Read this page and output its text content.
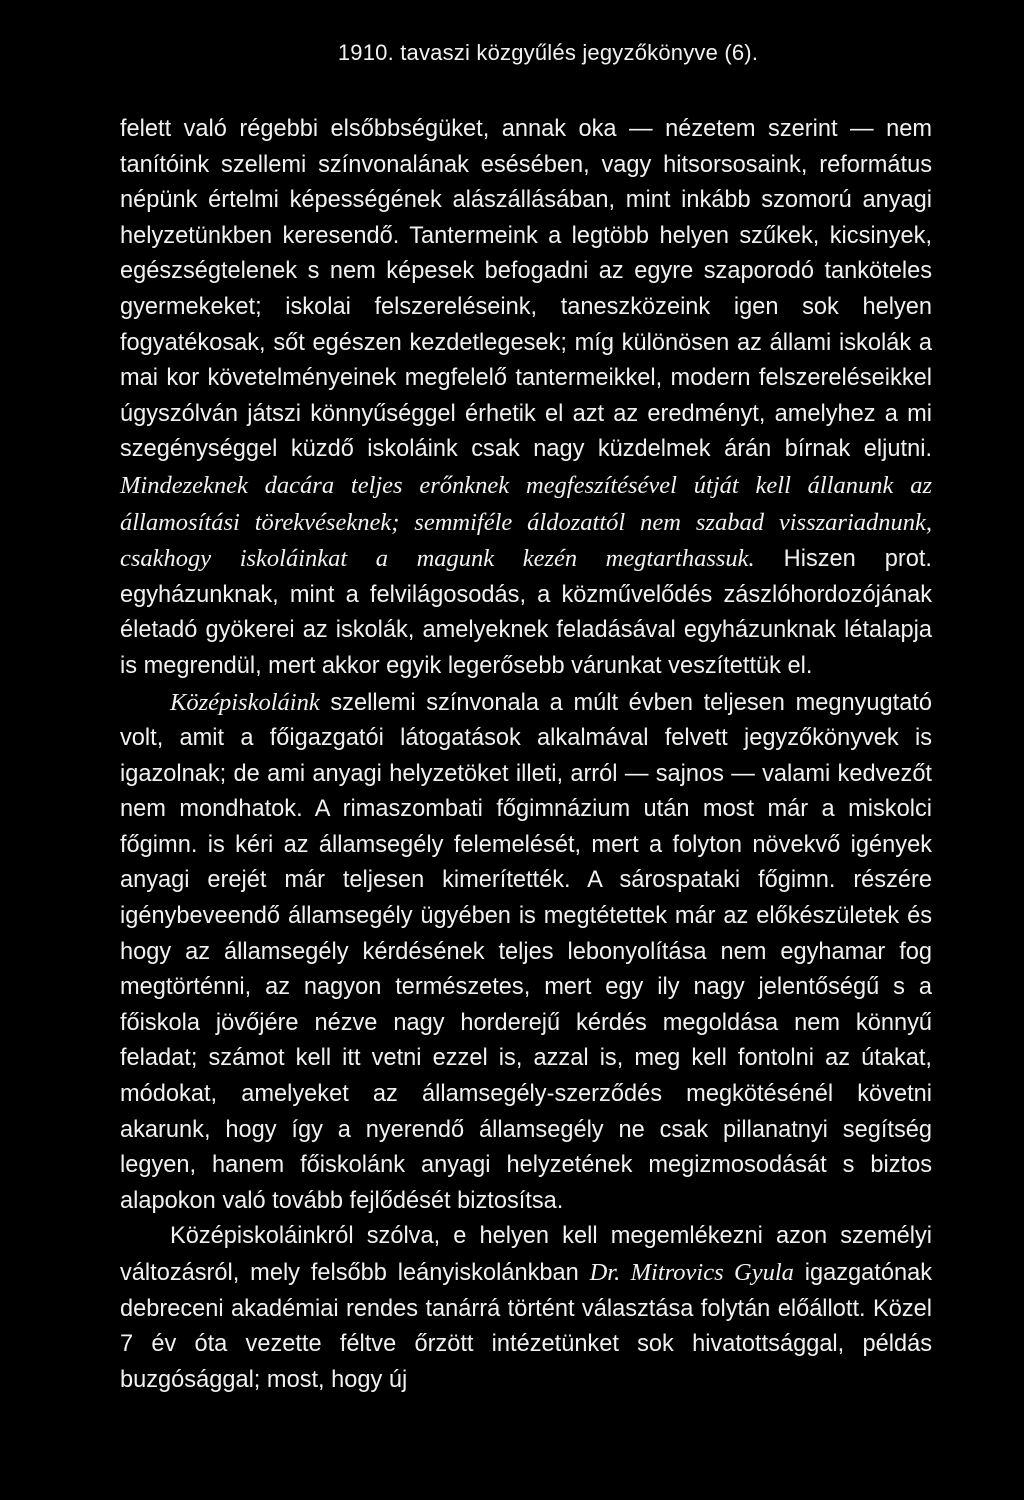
1910. tavaszi közgyűlés jegyzőkönyve (6).

felett való régebbi elsőbbségüket, annak oka — nézetem szerint — nem tanítóink szellemi színvonalának esésében, vagy hitsorsosaink, református népünk értelmi képességének alászállásában, mint inkább szomorú anyagi helyzetünkben keresendő. Tantermeink a legtöbb helyen szűkek, kicsinyek, egészségtelenek s nem képesek befogadni az egyre szaporodó tanköteles gyermekeket; iskolai felszereléseink, taneszközeink igen sok helyen fogyatékosak, sőt egészen kezdetlegesek; míg különösen az állami iskolák a mai kor követelményeinek megfelelő tantermeikkel, modern felszereléseikkel úgyszólván játszi könnyűséggel érhetik el azt az eredményt, amelyhez a mi szegénységgel küzdő iskoláink csak nagy küzdelmek árán bírnak eljutni. Mindezeknek dacára teljes erőnknek megfeszítésével útját kell állanunk az államosítási törekvéseknek; semmiféle áldozattól nem szabad visszariadnunk, csakhogy iskoláinkat a magunk kezén megtarthassuk. Hiszen prot. egyházunknak, mint a felvilágosodás, a közművelődés zászlóhordozójának életadó gyökerei az iskolák, amelyeknek feladásával egyházunknak létalapja is megrendül, mert akkor egyik legerősebb várunkat veszítettük el.

Középiskoláink szellemi színvonala a múlt évben teljesen megnyugtató volt, amit a főigazgatói látogatások alkalmával felvett jegyzőkönyvek is igazolnak; de ami anyagi helyzetöket illeti, arról — sajnos — valami kedvezőt nem mondhatok. A rimaszombati főgimnázium után most már a miskolci főgimn. is kéri az államsegély felemelését, mert a folyton növekvő igények anyagi erejét már teljesen kimerítették. A sárospataki főgimn. részére igénybeveendő államsegély ügyében is megtétettek már az előkészületek és hogy az államsegély kérdésének teljes lebonyolítása nem egyhamar fog megtörténni, az nagyon természetes, mert egy ily nagy jelentőségű s a főiskola jövőjére nézve nagy horderejű kérdés megoldása nem könnyű feladat; számot kell itt vetni ezzel is, azzal is, meg kell fontolni az útakat, módokat, amelyeket az államsegély-szerződés megkötésénél követni akarunk, hogy így a nyerendő államsegély ne csak pillanatnyi segítség legyen, hanem főiskolánk anyagi helyzetének megizmosodását s biztos alapokon való tovább fejlődését biztosítsa.

Középiskoláinkról szólva, e helyen kell megemlékezni azon személyi változásról, mely felsőbb leányiskolánkban Dr. Mitrovics Gyula igazgatónak debreceni akadémiai rendes tanárrá történt választása folytán előállott. Közel 7 év óta vezette féltve őrzött intézetünket sok hivatottsággal, példás buzgósággal; most, hogy új
